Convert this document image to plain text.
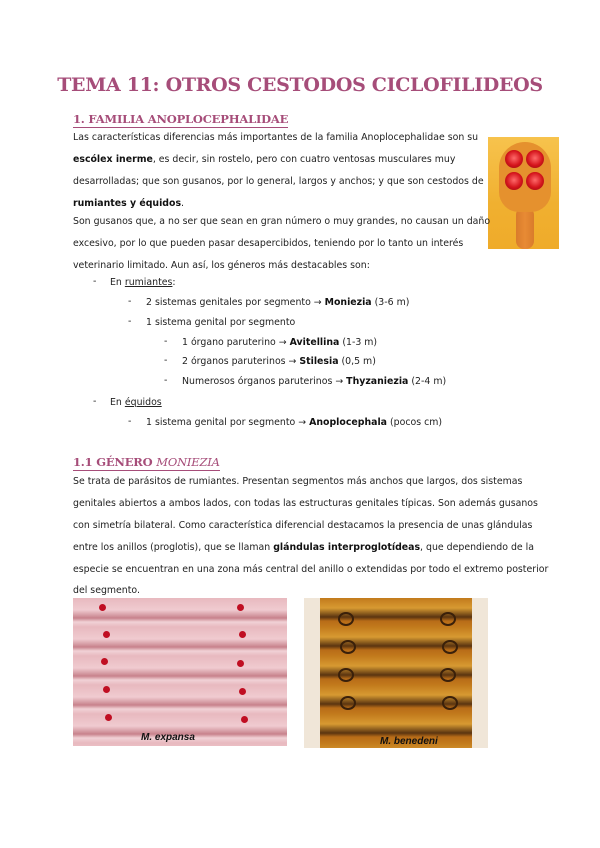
TEMA 11: OTROS CESTODOS CICLOFILIDEOS
1. FAMILIA ANOPLOCEPHALIDAE
Las características diferencias más importantes de la familia Anoplocephalidae son su
escólex inerme, es decir, sin rostelo, pero con cuatro ventosas musculares muy
desarrolladas; que son gusanos, por lo general, largos y anchos; y que son cestodos de
rumiantes y équidos.
Son gusanos que, a no ser que sean en gran número o muy grandes, no causan un daño
excesivo, por lo que pueden pasar desapercibidos, teniendo por lo tanto un interés
veterinario limitado. Aun así, los géneros más destacables son:
- En rumiantes:
- 2 sistemas genitales por segmento → Moniezia (3-6 m)
- 1 sistema genital por segmento
- 1 órgano paruterino → Avitellina (1-3 m)
- 2 órganos paruterinos → Stilesia (0,5 m)
- Numerosos órganos paruterinos → Thyzaniezia (2-4 m)
- En équidos
- 1 sistema genital por segmento → Anoplocephala (pocos cm)
1.1 GÉNERO MONIEZIA
Se trata de parásitos de rumiantes. Presentan segmentos más anchos que largos, dos sistemas
genitales abiertos a ambos lados, con todas las estructuras genitales típicas. Son además gusanos
con simetría bilateral. Como característica diferencial destacamos la presencia de unas glándulas
entre los anillos (proglotis), que se llaman glándulas interproglotídeas, que dependiendo de la
especie se encuentran en una zona más central del anillo o extendidas por todo el extremo posterior
del segmento.
M. expansa	M. benedeni
